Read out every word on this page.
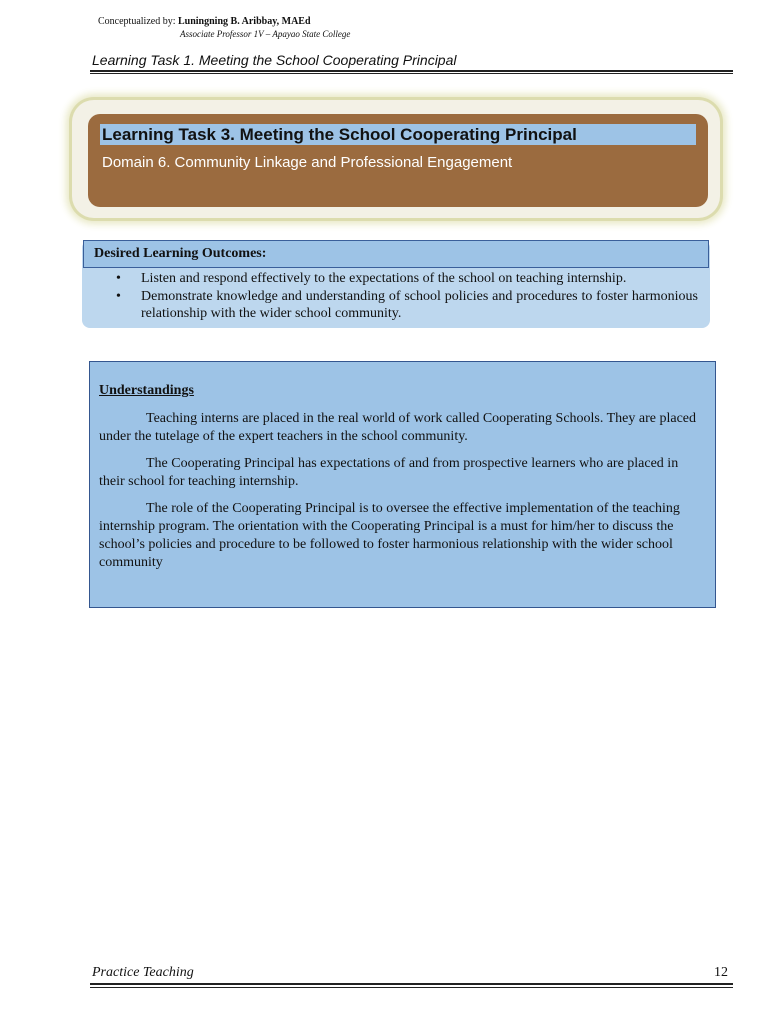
Conceptualized by: Luningning B. Aribbay, MAEd
Associate Professor 1V – Apayao State College
Learning Task 1. Meeting the School Cooperating Principal
Learning Task 3. Meeting the School Cooperating Principal
Domain 6. Community Linkage and Professional Engagement
Desired Learning Outcomes:
• Listen and respond effectively to the expectations of the school on teaching internship.
• Demonstrate knowledge and understanding of school policies and procedures to foster harmonious relationship with the wider school community.
Understandings

Teaching interns are placed in the real world of work called Cooperating Schools. They are placed under the tutelage of the expert teachers in the school community.

The Cooperating Principal has expectations of and from prospective learners who are placed in their school for teaching internship.

The role of the Cooperating Principal is to oversee the effective implementation of the teaching internship program. The orientation with the Cooperating Principal is a must for him/her to discuss the school’s policies and procedure to be followed to foster harmonious relationship with the wider school community

Practice Teaching	12
